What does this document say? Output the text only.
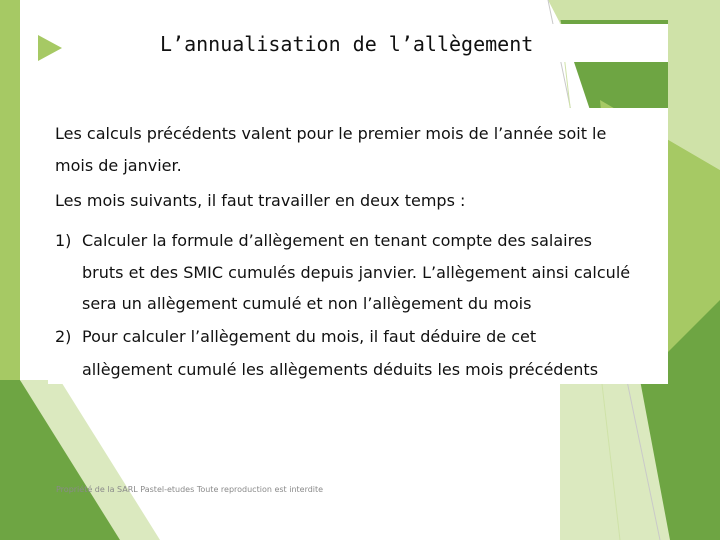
L’annualisation de l’allègement
Les calculs précédents valent pour le premier mois de l’année soit le
mois de janvier.
Les mois suivants, il faut travailler en deux temps :
1) Calculer la formule d’allègement en tenant compte des salaires
bruts et des SMIC cumulés depuis janvier. L’allègement ainsi calculé
sera un allègement cumulé et non l’allègement du mois
2) Pour calculer l’allègement du mois, il faut déduire de cet
allègement cumulé les allègements déduits les mois précédents
Propriété de la SARL Pastel-etudes Toute reproduction est interdite
